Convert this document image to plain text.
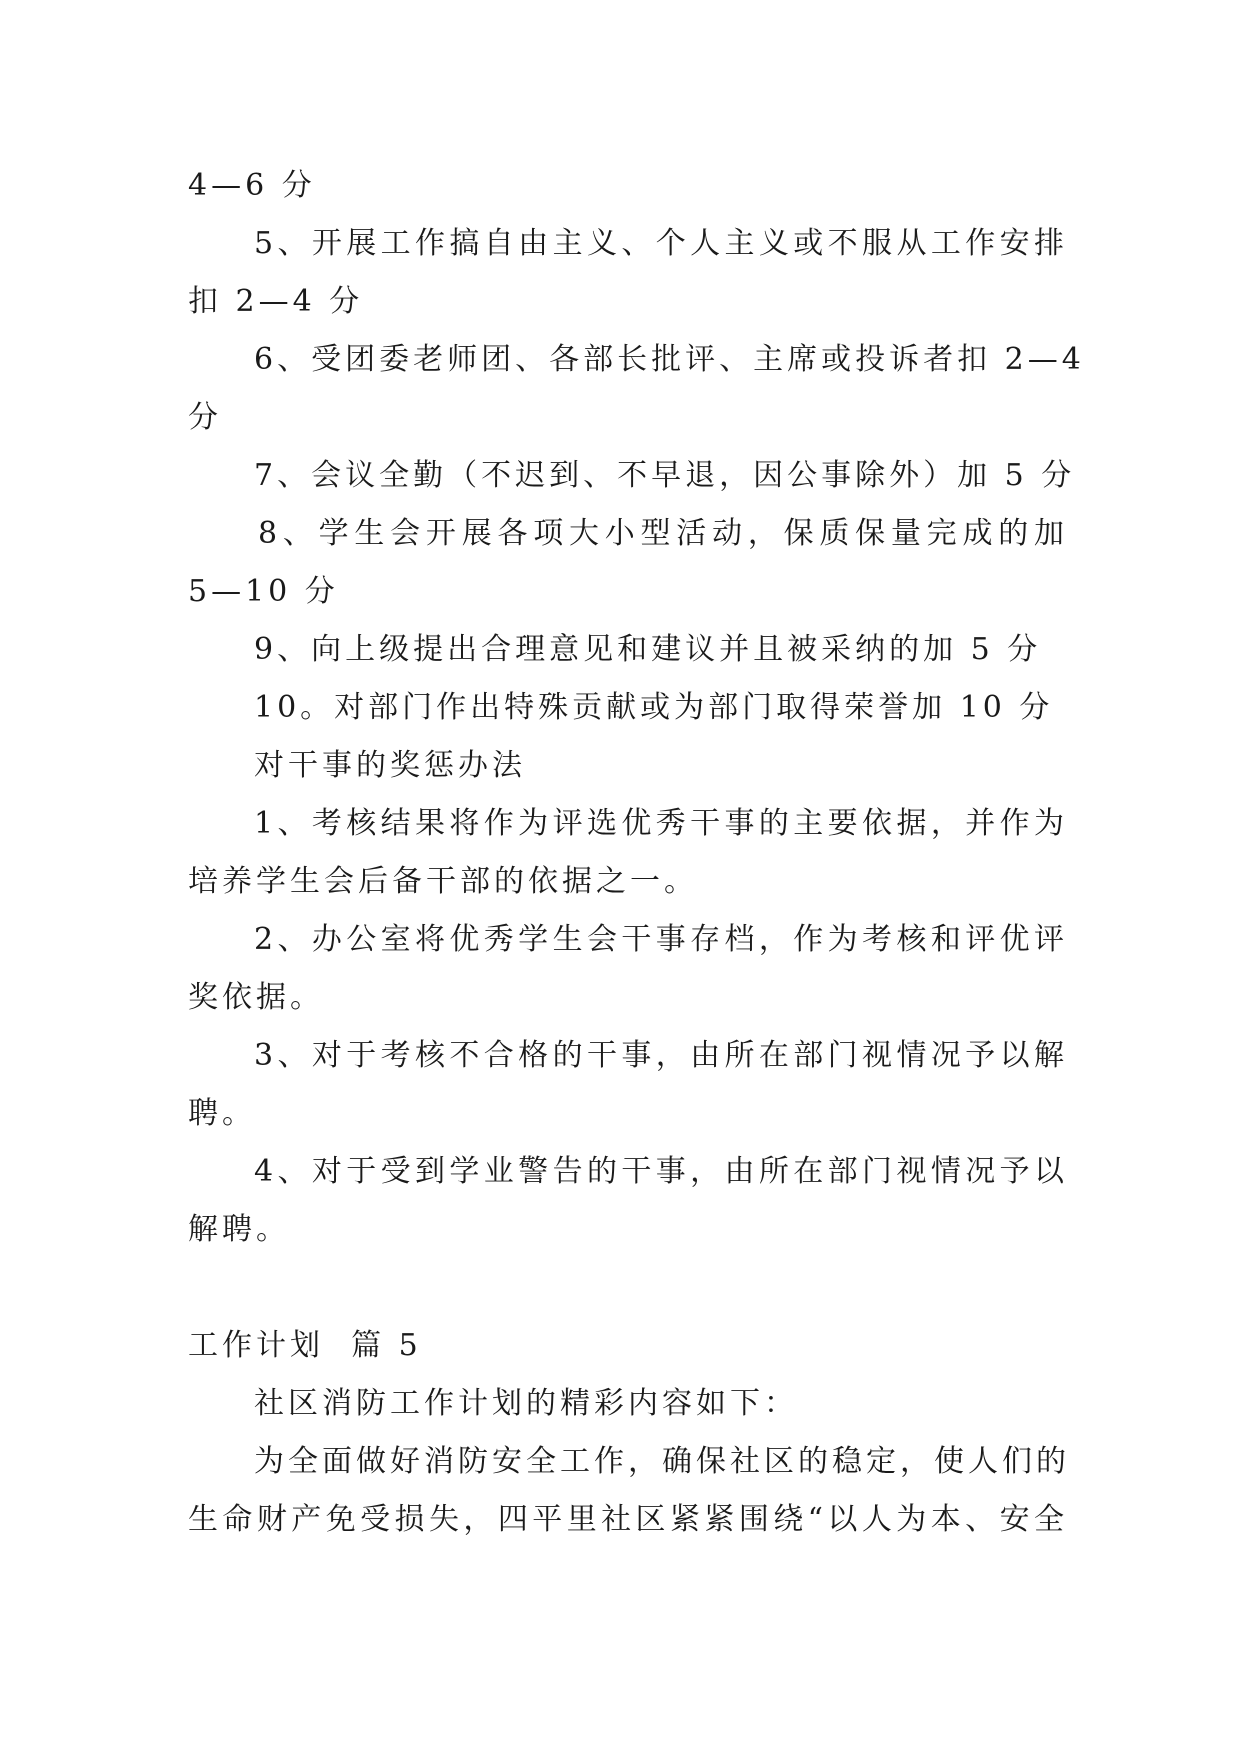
4—6 分
5、开展工作搞自由主义、个人主义或不服从工作安排
扣 2—4 分
6、受团委老师团、各部长批评、主席或投诉者扣 2—4
分
7、会议全勤（不迟到、不早退，因公事除外）加 5 分
8、学生会开展各项大小型活动，保质保量完成的加
5—10 分
9、向上级提出合理意见和建议并且被采纳的加 5 分
10。对部门作出特殊贡献或为部门取得荣誉加 10 分
对干事的奖惩办法
1、考核结果将作为评选优秀干事的主要依据，并作为
培养学生会后备干部的依据之一。
2、办公室将优秀学生会干事存档，作为考核和评优评
奖依据。
3、对于考核不合格的干事，由所在部门视情况予以解
聘。
4、对于受到学业警告的干事，由所在部门视情况予以
解聘。
工作计划  篇 5
社区消防工作计划的精彩内容如下：
为全面做好消防安全工作，确保社区的稳定，使人们的
生命财产免受损失，四平里社区紧紧围绕“以人为本、安全
